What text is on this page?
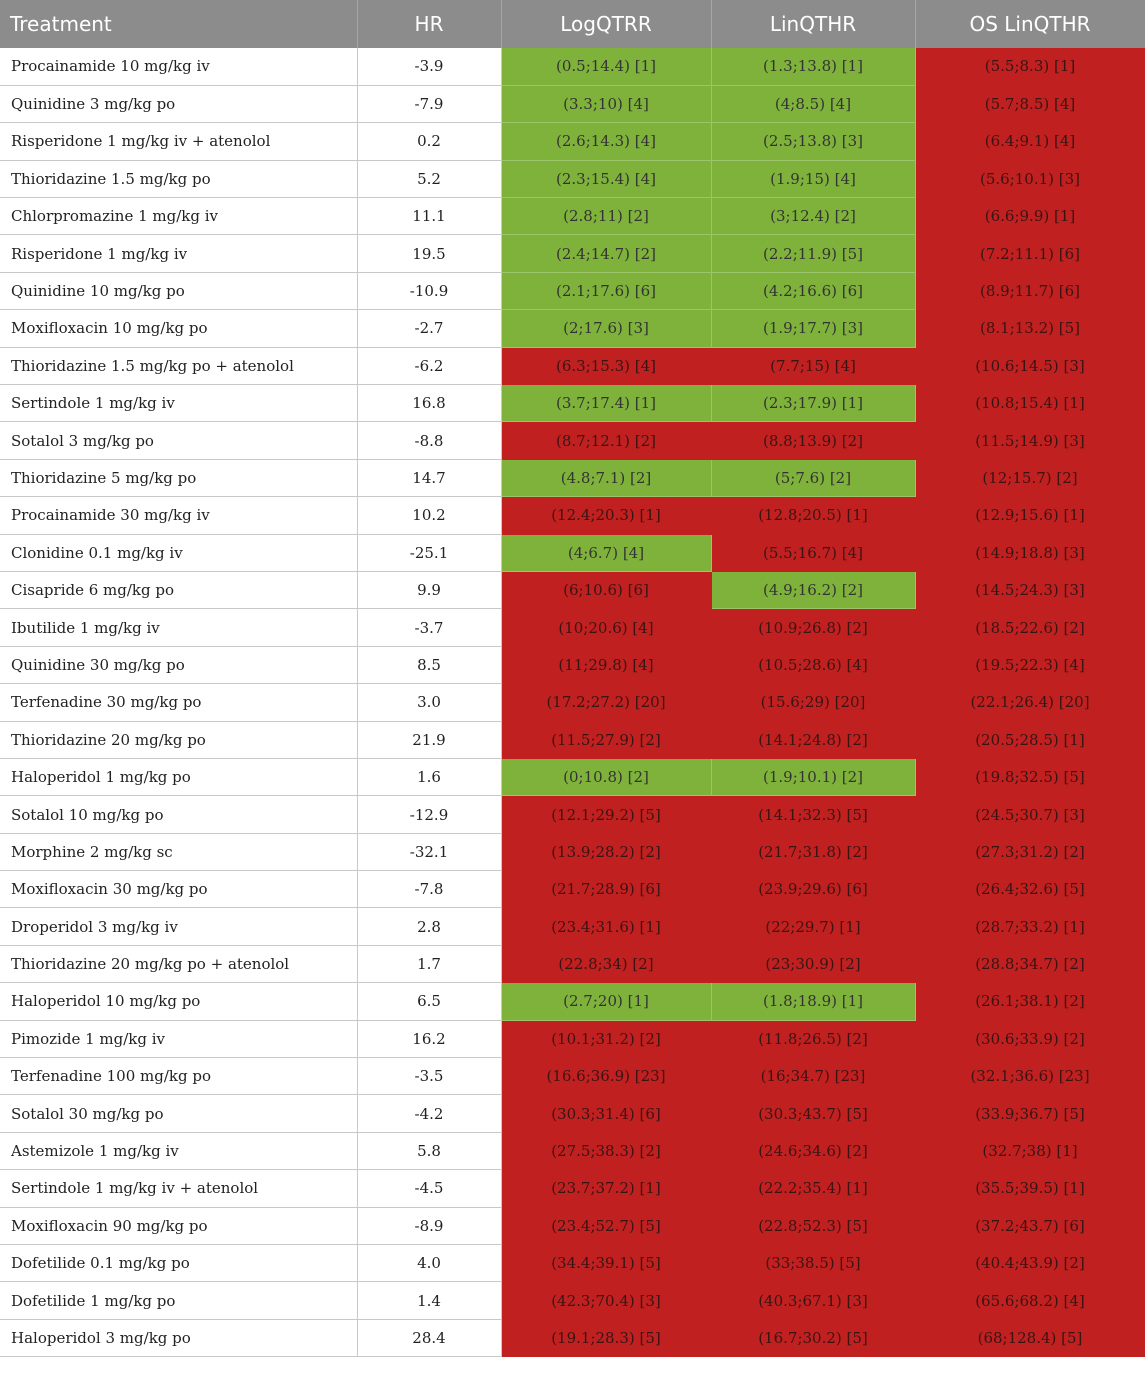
Treatment	HR	LogQTRR	LinQTHR	OS LinQTHR
Procainamide 10 mg/kg iv	-3.9	(0.5;14.4) [1]	(1.3;13.8) [1]	(5.5;8.3) [1]
Quinidine 3 mg/kg po	-7.9	(3.3;10) [4]	(4;8.5) [4]	(5.7;8.5) [4]
Risperidone 1 mg/kg iv + atenolol	0.2	(2.6;14.3) [4]	(2.5;13.8) [3]	(6.4;9.1) [4]
Thioridazine 1.5 mg/kg po	5.2	(2.3;15.4) [4]	(1.9;15) [4]	(5.6;10.1) [3]
Chlorpromazine 1 mg/kg iv	11.1	(2.8;11) [2]	(3;12.4) [2]	(6.6;9.9) [1]
Risperidone 1 mg/kg iv	19.5	(2.4;14.7) [2]	(2.2;11.9) [5]	(7.2;11.1) [6]
Quinidine 10 mg/kg po	-10.9	(2.1;17.6) [6]	(4.2;16.6) [6]	(8.9;11.7) [6]
Moxifloxacin 10 mg/kg po	-2.7	(2;17.6) [3]	(1.9;17.7) [3]	(8.1;13.2) [5]
Thioridazine 1.5 mg/kg po + atenolol	-6.2	(6.3;15.3) [4]	(7.7;15) [4]	(10.6;14.5) [3]
Sertindole 1 mg/kg iv	16.8	(3.7;17.4) [1]	(2.3;17.9) [1]	(10.8;15.4) [1]
Sotalol 3 mg/kg po	-8.8	(8.7;12.1) [2]	(8.8;13.9) [2]	(11.5;14.9) [3]
Thioridazine 5 mg/kg po	14.7	(4.8;7.1) [2]	(5;7.6) [2]	(12;15.7) [2]
Procainamide 30 mg/kg iv	10.2	(12.4;20.3) [1]	(12.8;20.5) [1]	(12.9;15.6) [1]
Clonidine 0.1 mg/kg iv	-25.1	(4;6.7) [4]	(5.5;16.7) [4]	(14.9;18.8) [3]
Cisapride 6 mg/kg po	9.9	(6;10.6) [6]	(4.9;16.2) [2]	(14.5;24.3) [3]
Ibutilide 1 mg/kg iv	-3.7	(10;20.6) [4]	(10.9;26.8) [2]	(18.5;22.6) [2]
Quinidine 30 mg/kg po	8.5	(11;29.8) [4]	(10.5;28.6) [4]	(19.5;22.3) [4]
Terfenadine 30 mg/kg po	3.0	(17.2;27.2) [20]	(15.6;29) [20]	(22.1;26.4) [20]
Thioridazine 20 mg/kg po	21.9	(11.5;27.9) [2]	(14.1;24.8) [2]	(20.5;28.5) [1]
Haloperidol 1 mg/kg po	1.6	(0;10.8) [2]	(1.9;10.1) [2]	(19.8;32.5) [5]
Sotalol 10 mg/kg po	-12.9	(12.1;29.2) [5]	(14.1;32.3) [5]	(24.5;30.7) [3]
Morphine 2 mg/kg sc	-32.1	(13.9;28.2) [2]	(21.7;31.8) [2]	(27.3;31.2) [2]
Moxifloxacin 30 mg/kg po	-7.8	(21.7;28.9) [6]	(23.9;29.6) [6]	(26.4;32.6) [5]
Droperidol 3 mg/kg iv	2.8	(23.4;31.6) [1]	(22;29.7) [1]	(28.7;33.2) [1]
Thioridazine 20 mg/kg po + atenolol	1.7	(22.8;34) [2]	(23;30.9) [2]	(28.8;34.7) [2]
Haloperidol 10 mg/kg po	6.5	(2.7;20) [1]	(1.8;18.9) [1]	(26.1;38.1) [2]
Pimozide 1 mg/kg iv	16.2	(10.1;31.2) [2]	(11.8;26.5) [2]	(30.6;33.9) [2]
Terfenadine 100 mg/kg po	-3.5	(16.6;36.9) [23]	(16;34.7) [23]	(32.1;36.6) [23]
Sotalol 30 mg/kg po	-4.2	(30.3;31.4) [6]	(30.3;43.7) [5]	(33.9;36.7) [5]
Astemizole 1 mg/kg iv	5.8	(27.5;38.3) [2]	(24.6;34.6) [2]	(32.7;38) [1]
Sertindole 1 mg/kg iv + atenolol	-4.5	(23.7;37.2) [1]	(22.2;35.4) [1]	(35.5;39.5) [1]
Moxifloxacin 90 mg/kg po	-8.9	(23.4;52.7) [5]	(22.8;52.3) [5]	(37.2;43.7) [6]
Dofetilide 0.1 mg/kg po	4.0	(34.4;39.1) [5]	(33;38.5) [5]	(40.4;43.9) [2]
Dofetilide 1 mg/kg po	1.4	(42.3;70.4) [3]	(40.3;67.1) [3]	(65.6;68.2) [4]
Haloperidol 3 mg/kg po	28.4	(19.1;28.3) [5]	(16.7;30.2) [5]	(68;128.4) [5]
